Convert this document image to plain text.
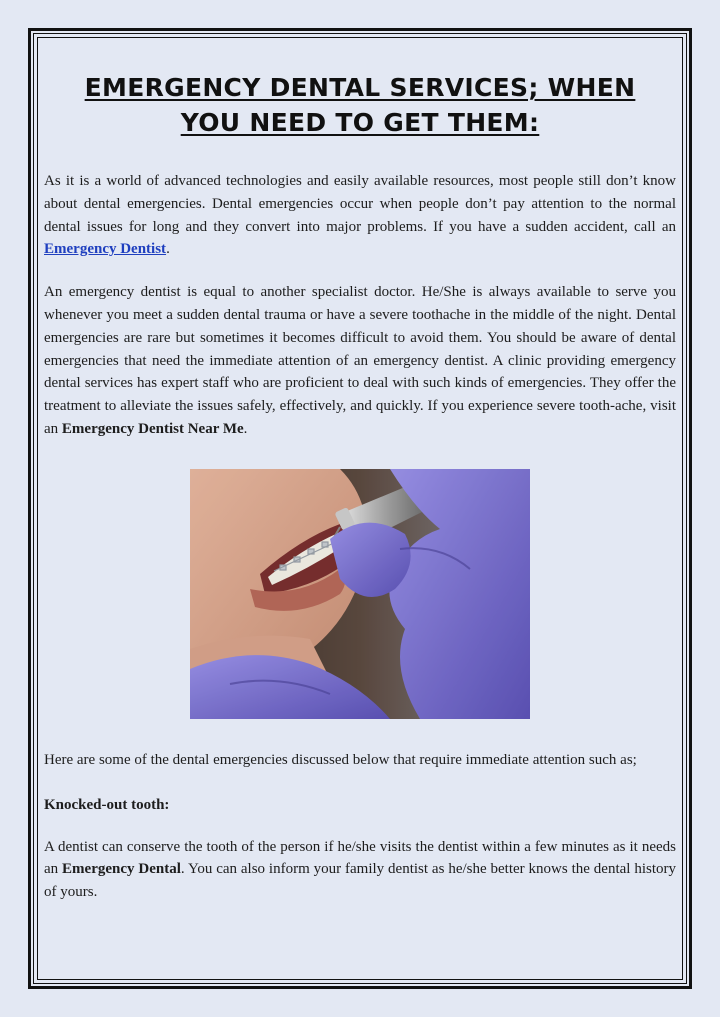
EMERGENCY DENTAL SERVICES; WHEN
YOU NEED TO GET THEM:

As it is a world of advanced technologies and easily available resources, most people still don’t know about dental emergencies. Dental emergencies occur when people don’t pay attention to the normal dental issues for long and they convert into major problems. If you have a sudden accident, call an Emergency Dentist.

An emergency dentist is equal to another specialist doctor. He/She is always available to serve you whenever you meet a sudden dental trauma or have a severe toothache in the middle of the night. Dental emergencies are rare but sometimes it becomes difficult to avoid them. You should be aware of dental emergencies that need the immediate attention of an emergency dentist. A clinic providing emergency dental services has expert staff who are proficient to deal with such kinds of emergencies. They offer the treatment to alleviate the issues safely, effectively, and quickly. If you experience severe tooth-ache, visit an Emergency Dentist Near Me.

Here are some of the dental emergencies discussed below that require immediate attention such as;

Knocked-out tooth:

A dentist can conserve the tooth of the person if he/she visits the dentist within a few minutes as it needs an Emergency Dental. You can also inform your family dentist as he/she better knows the dental history of yours.
